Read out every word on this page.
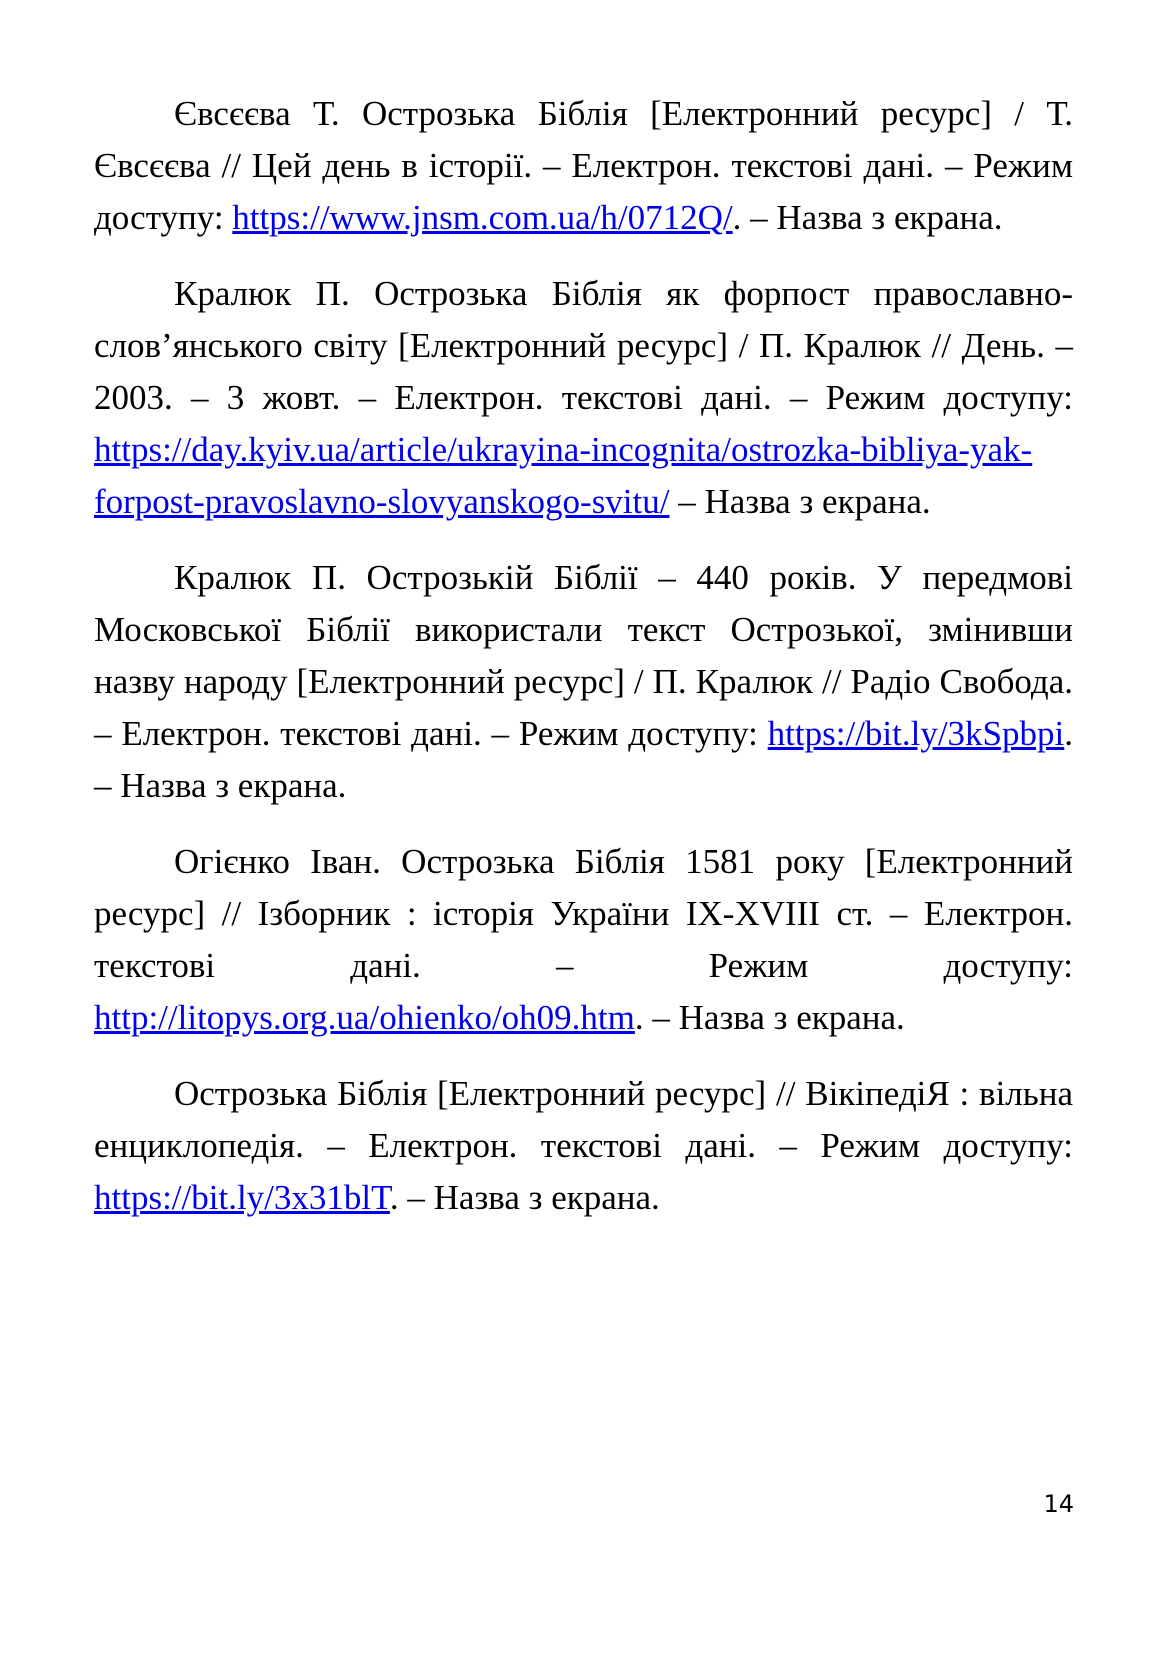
Євсєєва Т. Острозька Біблія [Електронний ресурс] / Т. Євсєєва // Цей день в історії. – Електрон. текстові дані. – Режим доступу: https://www.jnsm.com.ua/h/0712Q/. – Назва з екрана.

Кралюк П. Острозька Біблія як форпост православно-слов’янського світу [Електронний ресурс] / П. Кралюк // День. – 2003. – 3 жовт. – Електрон. текстові дані. – Режим доступу: https://day.kyiv.ua/article/ukrayina-incognita/ostrozka-bibliya-yak-forpost-pravoslavno-slovyanskogo-svitu/ – Назва з екрана.

Кралюк П. Острозькій Біблії – 440 років. У передмові Московської Біблії використали текст Острозької, змінивши назву народу [Електронний ресурс] / П. Кралюк // Радіо Свобода. – Електрон. текстові дані. – Режим доступу: https://bit.ly/3kSpbpi. – Назва з екрана.

Огієнко Іван. Острозька Біблія 1581 року [Електронний ресурс] // Ізборник : історія України ІХ-XVIII ст. – Електрон. текстові дані. – Режим доступу: http://litopys.org.ua/ohienko/oh09.htm. – Назва з екрана.

Острозька Біблія [Електронний ресурс] // ВікіпедіЯ : вільна енциклопедія. – Електрон. текстові дані. – Режим доступу: https://bit.ly/3x31blT. – Назва з екрана.

14
